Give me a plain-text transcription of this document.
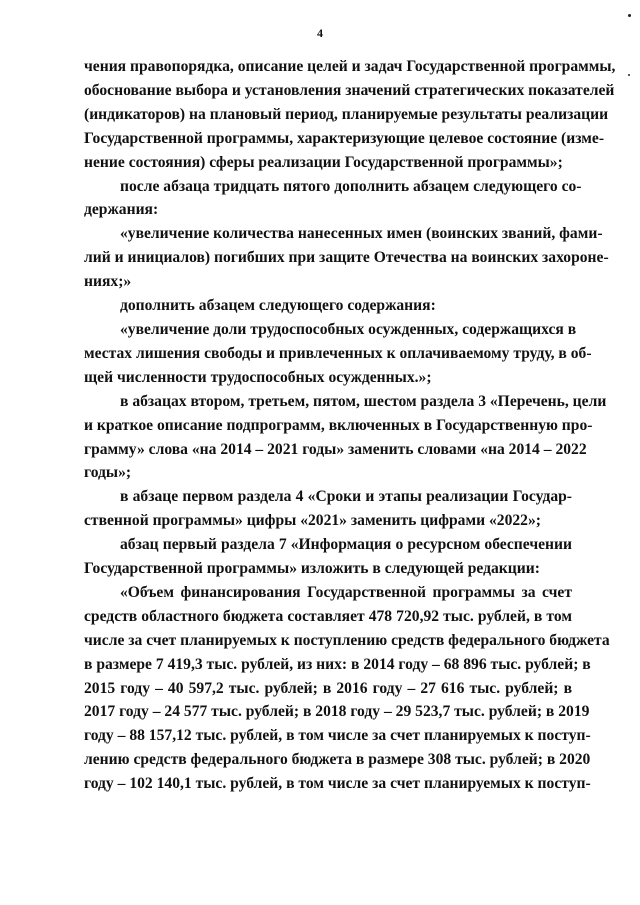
4
чения правопорядка, описание целей и задач Государственной программы,
обоснование выбора и установления значений стратегических показателей
(индикаторов) на плановый период, планируемые результаты реализации
Государственной программы, характеризующие целевое состояние (изме-
нение состояния) сферы реализации Государственной программы»;
после абзаца тридцать пятого дополнить абзацем следующего со-
держания:
«увеличение количества нанесенных имен (воинских званий, фами-
лий и инициалов) погибших при защите Отечества на воинских захороне-
ниях;»
дополнить абзацем следующего содержания:
«увеличение доли трудоспособных осужденных, содержащихся в
местах лишения свободы и привлеченных к оплачиваемому труду, в об-
щей численности трудоспособных осужденных.»;
в абзацах втором, третьем, пятом, шестом раздела 3 «Перечень, цели
и краткое описание подпрограмм, включенных в Государственную про-
грамму» слова «на 2014 – 2021 годы» заменить словами «на 2014 – 2022
годы»;
в абзаце первом раздела 4 «Сроки и этапы реализации Государ-
ственной программы» цифры «2021» заменить цифрами «2022»;
абзац первый раздела 7 «Информация о ресурсном обеспечении
Государственной программы» изложить в следующей редакции:
«Объем финансирования Государственной программы за счет
средств областного бюджета составляет 478 720,92 тыс. рублей, в том
числе за счет планируемых к поступлению средств федерального бюджета
в размере 7 419,3 тыс. рублей, из них: в 2014 году – 68 896 тыс. рублей; в
2015 году – 40 597,2 тыс. рублей; в 2016 году – 27 616 тыс. рублей; в
2017 году – 24 577 тыс. рублей; в 2018 году – 29 523,7 тыс. рублей; в 2019
году – 88 157,12 тыс. рублей, в том числе за счет планируемых к поступ-
лению средств федерального бюджета в размере 308 тыс. рублей; в 2020
году – 102 140,1 тыс. рублей, в том числе за счет планируемых к поступ-
